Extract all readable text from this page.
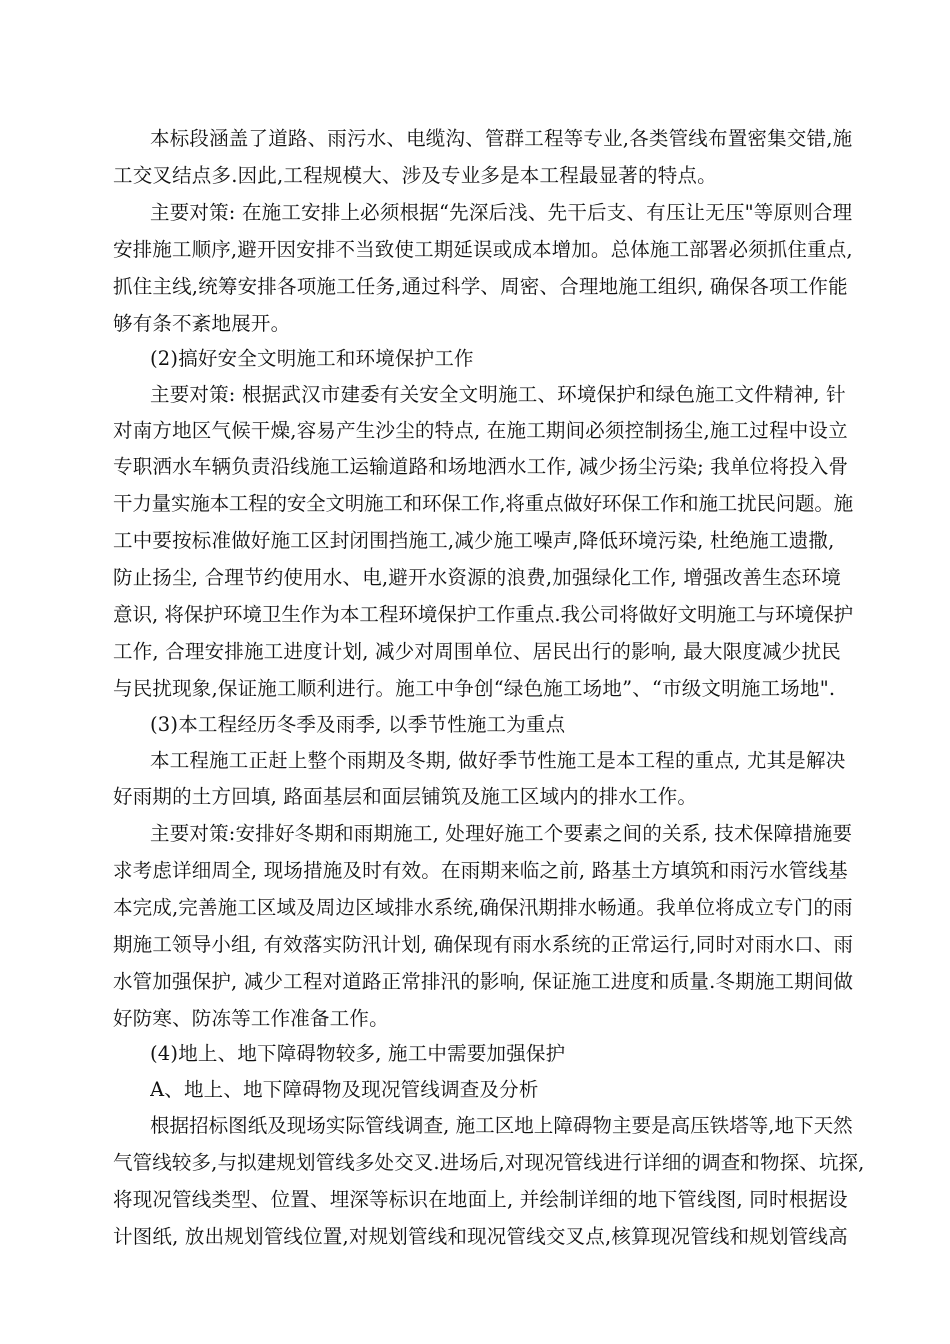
本标段涵盖了道路、雨污水、电缆沟、管群工程等专业,各类管线布置密集交错,施
工交叉结点多.因此,工程规模大、涉及专业多是本工程最显著的特点。
主要对策: 在施工安排上必须根据“先深后浅、先干后支、有压让无压"等原则合理
安排施工顺序,避开因安排不当致使工期延误或成本增加。总体施工部署必须抓住重点,
抓住主线,统筹安排各项施工任务,通过科学、周密、合理地施工组织, 确保各项工作能
够有条不紊地展开。
(2)搞好安全文明施工和环境保护工作
主要对策: 根据武汉市建委有关安全文明施工、环境保护和绿色施工文件精神, 针
对南方地区气候干燥,容易产生沙尘的特点, 在施工期间必须控制扬尘,施工过程中设立
专职洒水车辆负责沿线施工运输道路和场地洒水工作, 减少扬尘污染; 我单位将投入骨
干力量实施本工程的安全文明施工和环保工作,将重点做好环保工作和施工扰民问题。施
工中要按标准做好施工区封闭围挡施工,减少施工噪声,降低环境污染, 杜绝施工遗撒,
防止扬尘, 合理节约使用水、电,避开水资源的浪费,加强绿化工作, 增强改善生态环境
意识, 将保护环境卫生作为本工程环境保护工作重点.我公司将做好文明施工与环境保护
工作, 合理安排施工进度计划, 减少对周围单位、居民出行的影响, 最大限度减少扰民
与民扰现象,保证施工顺利进行。施工中争创“绿色施工场地”、“市级文明施工场地".
(3)本工程经历冬季及雨季, 以季节性施工为重点
本工程施工正赶上整个雨期及冬期, 做好季节性施工是本工程的重点, 尤其是解决
好雨期的土方回填, 路面基层和面层铺筑及施工区域内的排水工作。
主要对策:安排好冬期和雨期施工, 处理好施工个要素之间的关系, 技术保障措施要
求考虑详细周全, 现场措施及时有效。在雨期来临之前, 路基土方填筑和雨污水管线基
本完成,完善施工区域及周边区域排水系统,确保汛期排水畅通。我单位将成立专门的雨
期施工领导小组, 有效落实防汛计划, 确保现有雨水系统的正常运行,同时对雨水口、雨
水管加强保护, 减少工程对道路正常排汛的影响, 保证施工进度和质量.冬期施工期间做
好防寒、防冻等工作准备工作。
(4)地上、地下障碍物较多, 施工中需要加强保护
A、地上、地下障碍物及现况管线调查及分析
根据招标图纸及现场实际管线调查, 施工区地上障碍物主要是高压铁塔等,地下天然
气管线较多,与拟建规划管线多处交叉.进场后,对现况管线进行详细的调查和物探、坑探,
将现况管线类型、位置、埋深等标识在地面上, 并绘制详细的地下管线图, 同时根据设
计图纸, 放出规划管线位置,对规划管线和现况管线交叉点,核算现况管线和规划管线高
